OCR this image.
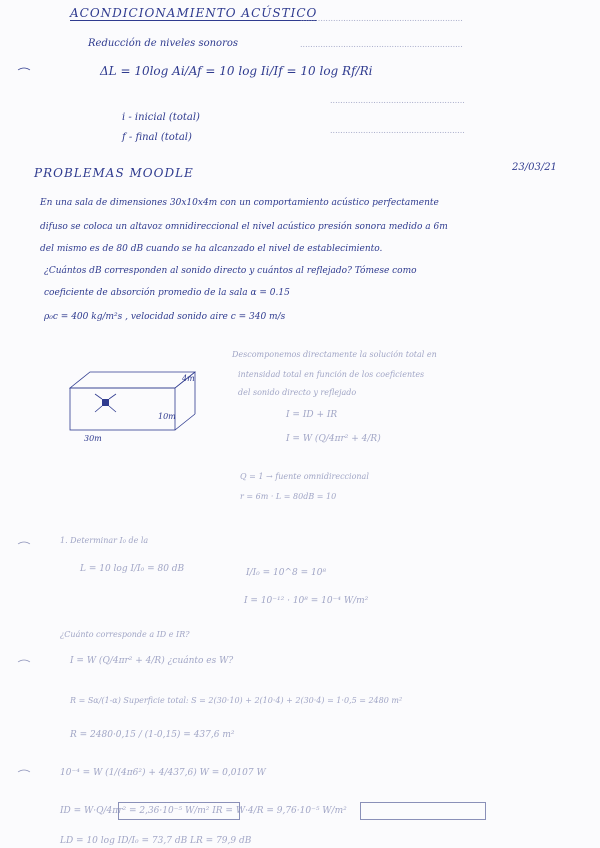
ACONDICIONAMIENTO ACÚSTICO
Reducción de niveles sonoros
ΔL = 10log Ai/Af = 10 log Ii/If = 10 log Rf/Ri
i - inicial (total)
f - final (total)
................................................................
................................................................
.....................................................
.....................................................
PROBLEMAS MOODLE	23/03/21
En una sala de dimensiones 30x10x4m con un comportamiento acústico perfectamente
difuso se coloca un altavoz omnidireccional el nivel acústico presión sonora medido a 6m
del mismo es de 80 dB cuando se ha alcanzado el nivel de establecimiento.
¿Cuántos dB corresponden al sonido directo y cuántos al reflejado? Tómese como
coeficiente de absorción promedio de la sala α = 0.15
ρ₀c = 400 kg/m²s , velocidad sonido aire c = 340 m/s
4m
10m
30m
Descomponemos directamente la solución total en
intensidad total en función de los coeficientes
del sonido directo y reflejado
I = ID + IR
I = W (Q/4πr² + 4/R)
Q = 1 → fuente omnidireccional
r = 6m · L = 80dB = 10
1. Determinar I₀ de la
L = 10 log I/I₀ = 80 dB	I/I₀ = 10^8 = 10⁸
I = 10⁻¹² · 10⁸ = 10⁻⁴ W/m²
¿Cuánto corresponde a ID e IR?
I = W (Q/4πr² + 4/R) ¿cuánto es W?
R = Sα/(1-α) Superficie total: S = 2(30·10) + 2(10·4) + 2(30·4) = 1·0,5 = 2480 m²
R = 2480·0,15 / (1-0,15) = 437,6 m²
10⁻⁴ = W (1/(4π6²) + 4/437,6) W = 0,0107 W
ID = W·Q/4πr² = 2,36·10⁻⁵ W/m² IR = W·4/R = 9,76·10⁻⁵ W/m²
LD = 10 log ID/I₀ = 73,7 dB LR = 79,9 dB
